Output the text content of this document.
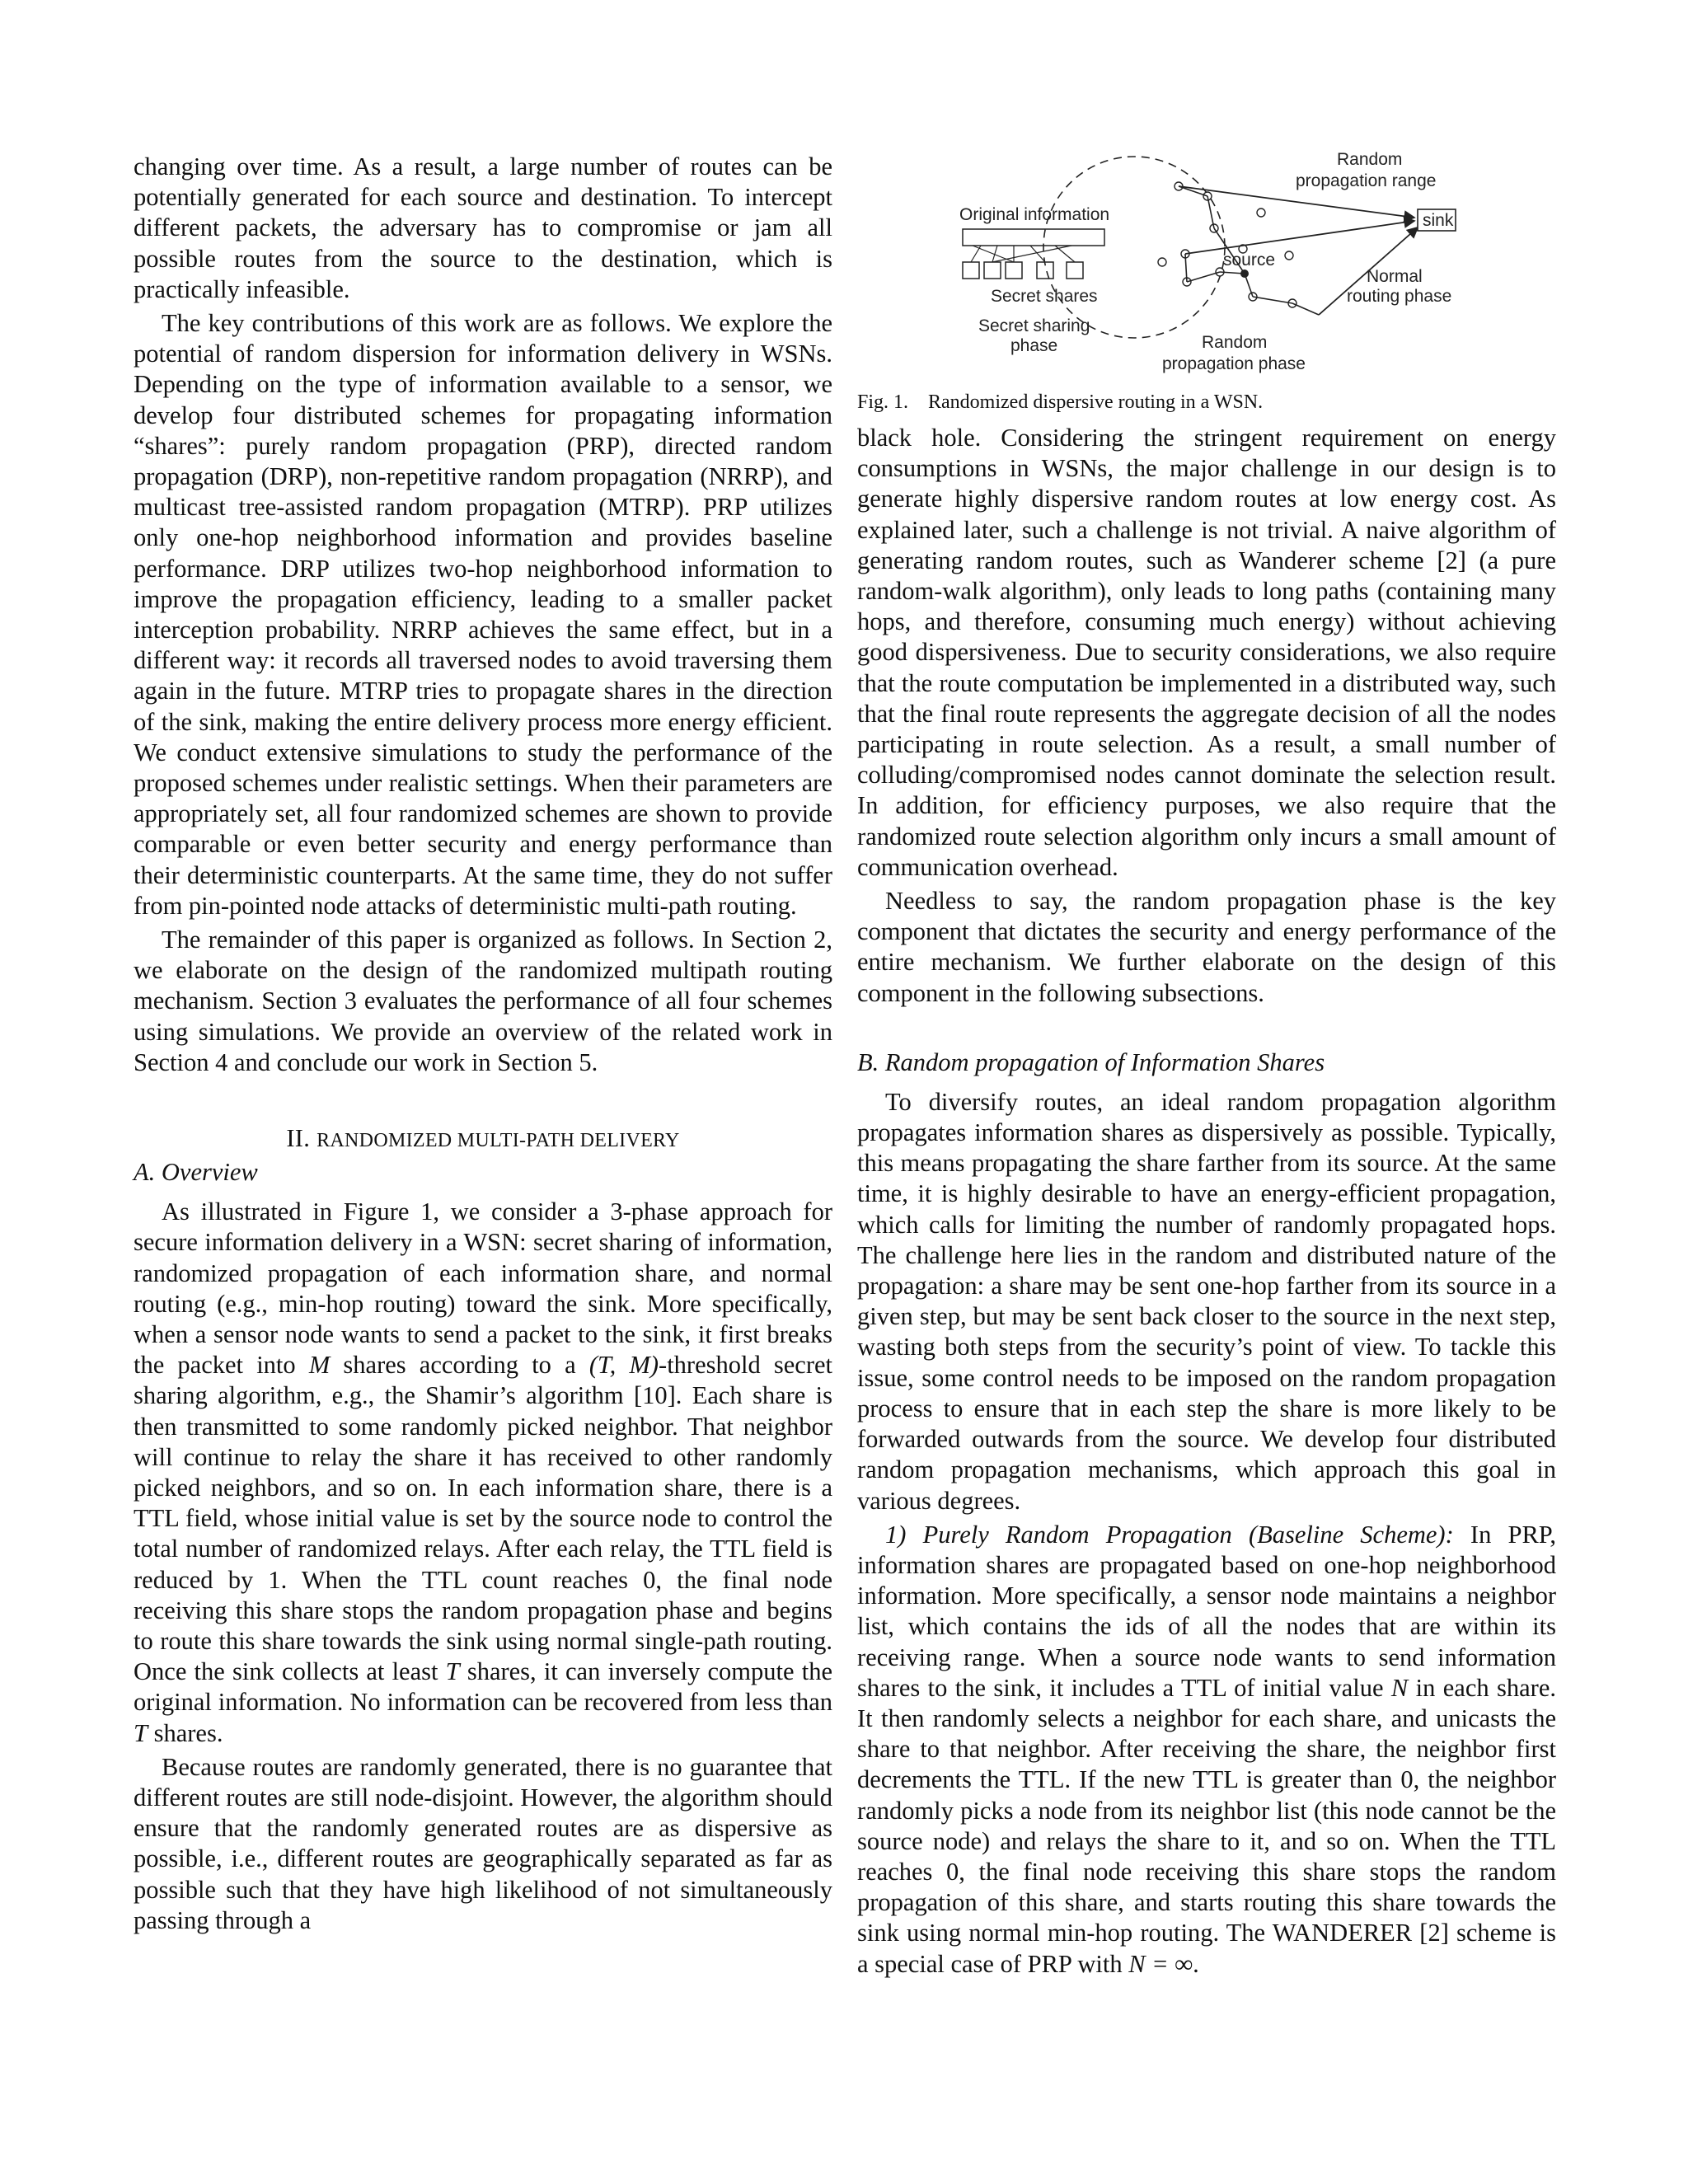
changing over time. As a result, a large number of routes can be potentially generated for each source and destination. To intercept different packets, the adversary has to compromise or jam all possible routes from the source to the destination, which is practically infeasible.

The key contributions of this work are as follows. We explore the potential of random dispersion for information delivery in WSNs. Depending on the type of information available to a sensor, we develop four distributed schemes for propagating information “shares”: purely random propagation (PRP), directed random propagation (DRP), non-repetitive random propagation (NRRP), and multicast tree-assisted random propagation (MTRP). PRP utilizes only one-hop neighborhood information and provides baseline performance. DRP utilizes two-hop neighborhood information to improve the propagation efficiency, leading to a smaller packet interception probability. NRRP achieves the same effect, but in a different way: it records all traversed nodes to avoid traversing them again in the future. MTRP tries to propagate shares in the direction of the sink, making the entire delivery process more energy efficient. We conduct extensive simulations to study the performance of the proposed schemes under realistic settings. When their parameters are appropriately set, all four randomized schemes are shown to provide comparable or even better security and energy performance than their deterministic counterparts. At the same time, they do not suffer from pin-pointed node attacks of deterministic multi-path routing.

The remainder of this paper is organized as follows. In Section 2, we elaborate on the design of the randomized multipath routing mechanism. Section 3 evaluates the performance of all four schemes using simulations. We provide an overview of the related work in Section 4 and conclude our work in Section 5.

II. RANDOMIZED MULTI-PATH DELIVERY
A. Overview

As illustrated in Figure 1, we consider a 3-phase approach for secure information delivery in a WSN: secret sharing of information, randomized propagation of each information share, and normal routing (e.g., min-hop routing) toward the sink. More specifically, when a sensor node wants to send a packet to the sink, it first breaks the packet into M shares according to a (T, M)-threshold secret sharing algorithm, e.g., the Shamir’s algorithm [10]. Each share is then transmitted to some randomly picked neighbor. That neighbor will continue to relay the share it has received to other randomly picked neighbors, and so on. In each information share, there is a TTL field, whose initial value is set by the source node to control the total number of randomized relays. After each relay, the TTL field is reduced by 1. When the TTL count reaches 0, the final node receiving this share stops the random propagation phase and begins to route this share towards the sink using normal single-path routing. Once the sink collects at least T shares, it can inversely compute the original information. No information can be recovered from less than T shares.

Because routes are randomly generated, there is no guarantee that different routes are still node-disjoint. However, the algorithm should ensure that the randomly generated routes are as dispersive as possible, i.e., different routes are geographically separated as far as possible such that they have high likelihood of not simultaneously passing through a

Original information
Secret shares
Secret sharing
phase
sink
source
Random
propagation range
Normal
routing phase
Random
propagation phase
Fig. 1. Randomized dispersive routing in a WSN.

black hole. Considering the stringent requirement on energy consumptions in WSNs, the major challenge in our design is to generate highly dispersive random routes at low energy cost. As explained later, such a challenge is not trivial. A naive algorithm of generating random routes, such as Wanderer scheme [2] (a pure random-walk algorithm), only leads to long paths (containing many hops, and therefore, consuming much energy) without achieving good dispersiveness. Due to security considerations, we also require that the route computation be implemented in a distributed way, such that the final route represents the aggregate decision of all the nodes participating in route selection. As a result, a small number of colluding/compromised nodes cannot dominate the selection result. In addition, for efficiency purposes, we also require that the randomized route selection algorithm only incurs a small amount of communication overhead.

Needless to say, the random propagation phase is the key component that dictates the security and energy performance of the entire mechanism. We further elaborate on the design of this component in the following subsections.

B. Random propagation of Information Shares

To diversify routes, an ideal random propagation algorithm propagates information shares as dispersively as possible. Typically, this means propagating the share farther from its source. At the same time, it is highly desirable to have an energy-efficient propagation, which calls for limiting the number of randomly propagated hops. The challenge here lies in the random and distributed nature of the propagation: a share may be sent one-hop farther from its source in a given step, but may be sent back closer to the source in the next step, wasting both steps from the security’s point of view. To tackle this issue, some control needs to be imposed on the random propagation process to ensure that in each step the share is more likely to be forwarded outwards from the source. We develop four distributed random propagation mechanisms, which approach this goal in various degrees.

1) Purely Random Propagation (Baseline Scheme): In PRP, information shares are propagated based on one-hop neighborhood information. More specifically, a sensor node maintains a neighbor list, which contains the ids of all the nodes that are within its receiving range. When a source node wants to send information shares to the sink, it includes a TTL of initial value N in each share. It then randomly selects a neighbor for each share, and unicasts the share to that neighbor. After receiving the share, the neighbor first decrements the TTL. If the new TTL is greater than 0, the neighbor randomly picks a node from its neighbor list (this node cannot be the source node) and relays the share to it, and so on. When the TTL reaches 0, the final node receiving this share stops the random propagation of this share, and starts routing this share towards the sink using normal min-hop routing. The WANDERER [2] scheme is a special case of PRP with N = ∞.
